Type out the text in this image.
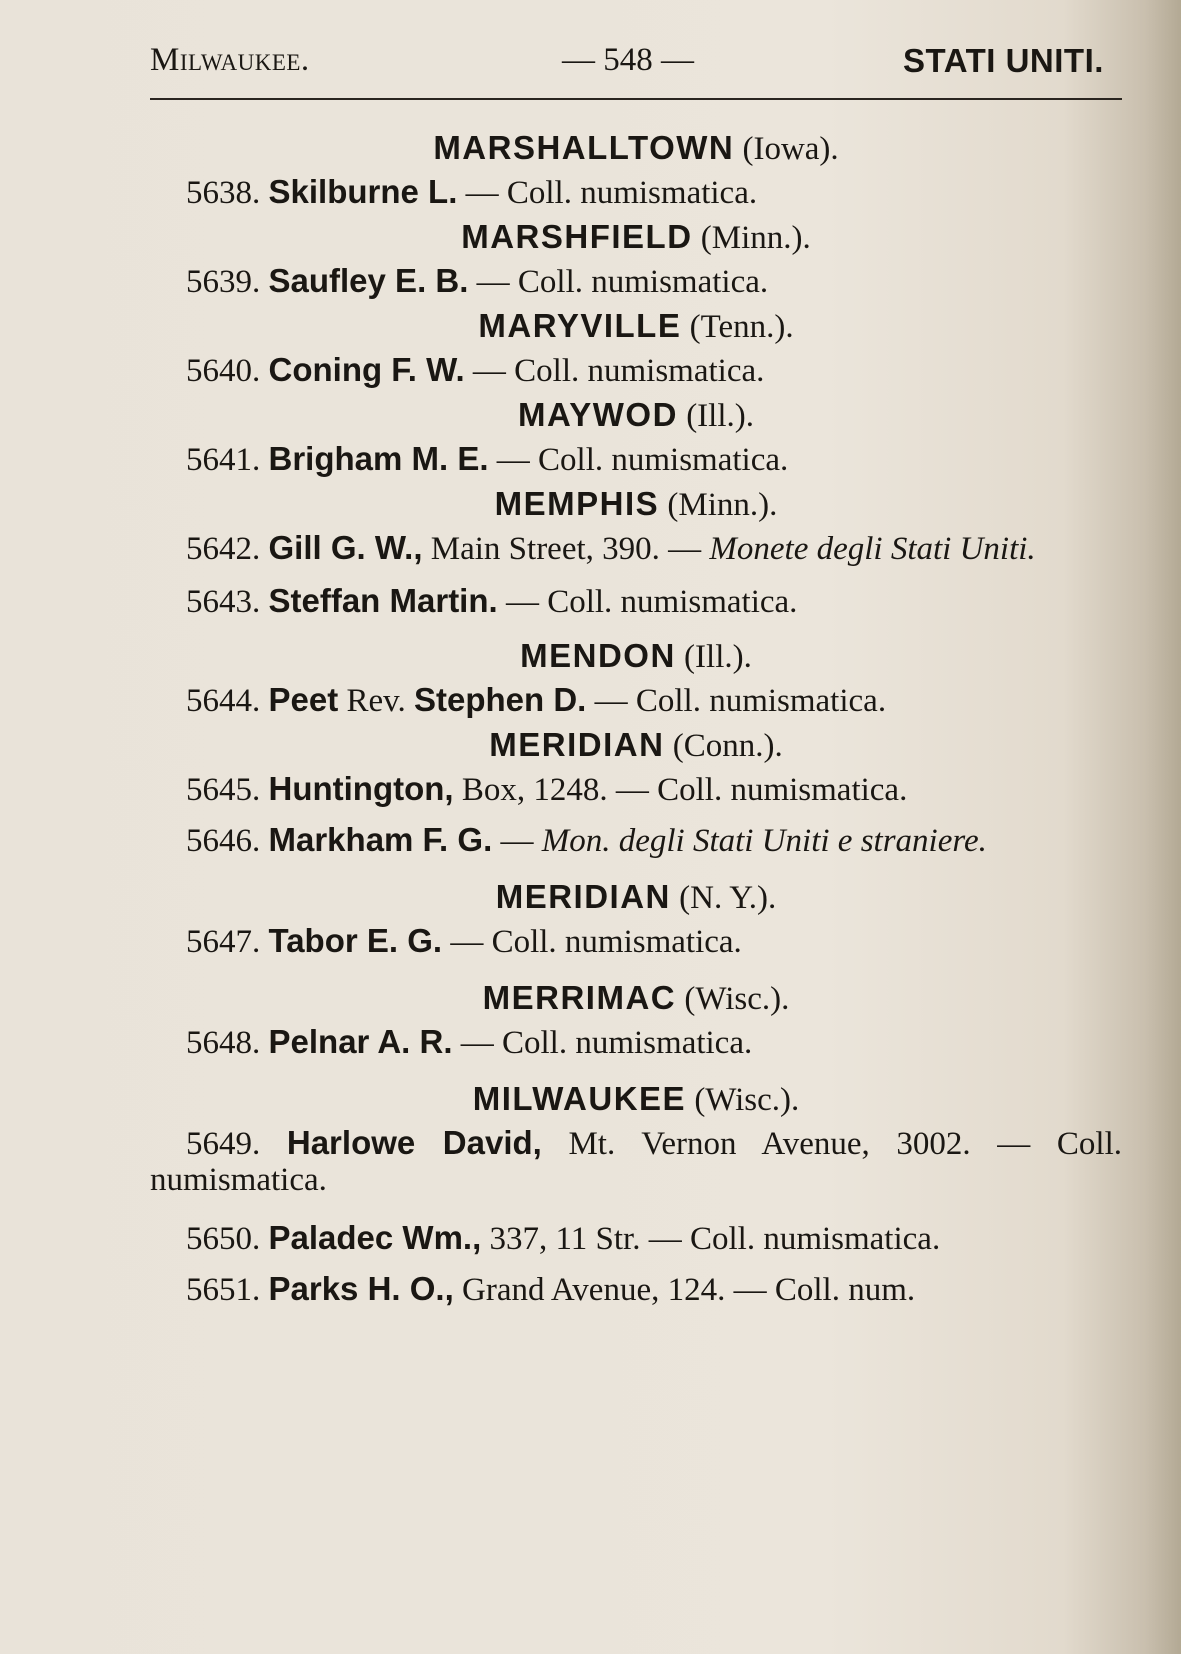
Milwaukee.	— 548 —	STATI UNITI.
MARSHALLTOWN (Iowa).

5638. Skilburne L. — Coll. numismatica.

MARSHFIELD (Minn.).

5639. Saufley E. B. — Coll. numismatica.

MARYVILLE (Tenn.).

5640. Coning F. W. — Coll. numismatica.

MAYWOD (Ill.).

5641. Brigham M. E. — Coll. numismatica.

MEMPHIS (Minn.).

5642. Gill G. W., Main Street, 390. — Monete degli Stati Uniti.

5643. Steffan Martin. — Coll. numismatica.

MENDON (Ill.).

5644. Peet Rev. Stephen D. — Coll. numismatica.

MERIDIAN (Conn.).

5645. Huntington, Box, 1248. — Coll. numismatica.

5646. Markham F. G. — Mon. degli Stati Uniti e straniere.

MERIDIAN (N. Y.).

5647. Tabor E. G. — Coll. numismatica.

MERRIMAC (Wisc.).

5648. Pelnar A. R. — Coll. numismatica.

MILWAUKEE (Wisc.).

5649. Harlowe David, Mt. Vernon Avenue, 3002. — Coll. numismatica.

5650. Paladec Wm., 337, 11 Str. — Coll. numismatica.

5651. Parks H. O., Grand Avenue, 124. — Coll. num.
